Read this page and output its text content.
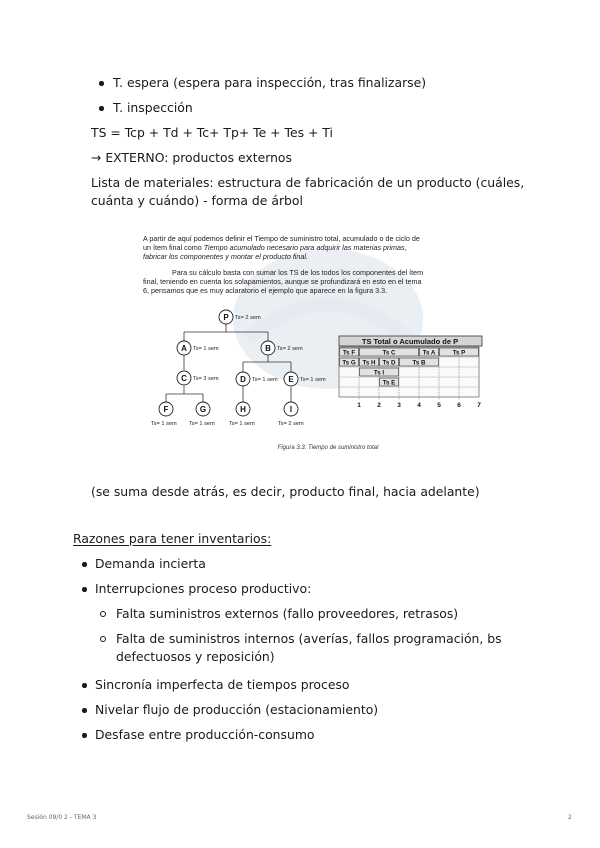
T. espera (espera para inspección, tras finalizarse)
T. inspección
TS = Tcp + Td + Tc+ Tp+ Te + Tes + Ti
→ EXTERNO: productos externos
Lista de materiales: estructura de fabricación de un producto (cuáles,
cuánta y cuándo) - forma de árbol
A partir de aquí podemos definir el Tiempo de suministro total, acumulado o de ciclo de
un ítem final como Tiempo acumulado necesario para adquirir las materias primas,
fabricar los componentes y montar el producto final.
Para su cálculo basta con sumar los TS de los todos los componentes del ítem
final, teniendo en cuenta los solapamientos, aunque se profundizará en esto en el tema
6, pensamos que es muy aclaratorio el ejemplo que aparece en la figura 3.3.
P
A	B
C	D	E
F	G	H	I
Ts= 2 sem
Ts= 1 sem	Ts= 2 sem
Ts= 3 sem	Ts= 1 sem	Ts= 1 sem
Ts= 1 sem Ts= 1 sem	Ts= 1 sem	Ts= 2 sem
TS Total o Acumulado de P
Ts F	Ts C	Ts A	Ts P
Ts G Ts H Ts D	Ts B
Ts I
Ts E
1	2	3	4	5	6	7
Figura 3.3. Tiempo de suministro total
(se suma desde atrás, es decir, producto final, hacia adelante)
Razones para tener inventarios:
Demanda incierta
Interrupciones proceso productivo:
Falta suministros externos (fallo proveedores, retrasos)
Falta de suministros internos (averías, fallos programación, bs
defectuosos y reposición)
Sincronía imperfecta de tiempos proceso
Nivelar flujo de producción (estacionamiento)
Desfase entre producción-consumo
Sesión 09/0 2 - TEMA 3	2
